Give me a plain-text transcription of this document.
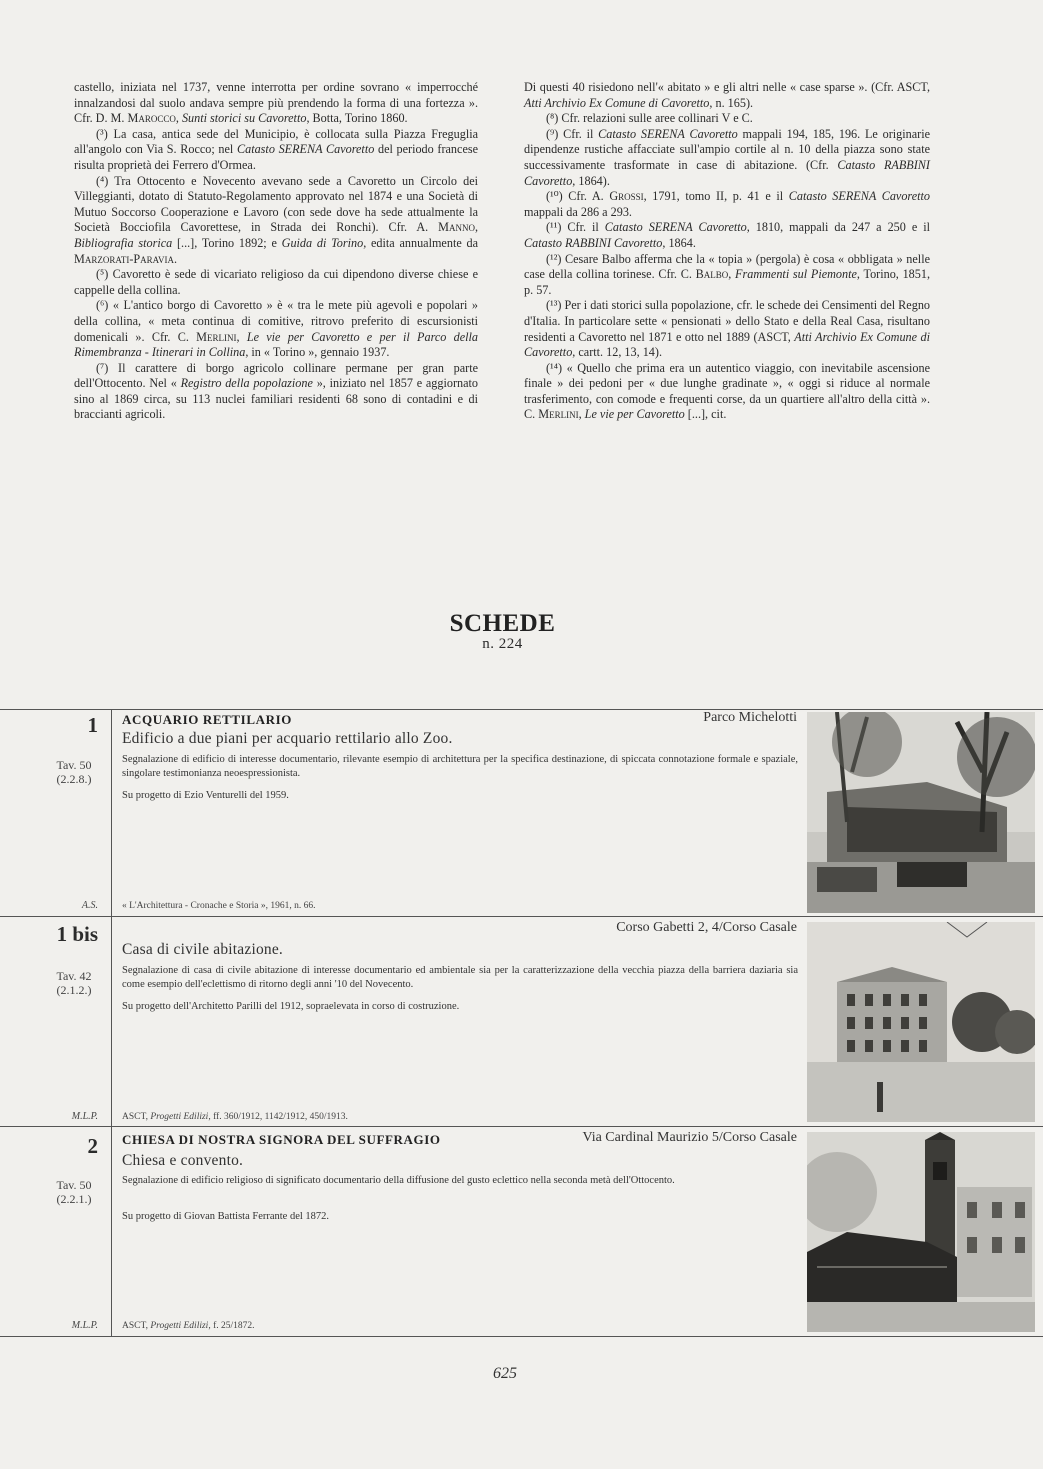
castello, iniziata nel 1737, venne interrotta per ordine sovrano « imperrocché innalzandosi dal suolo andava sempre più prendendo la forma di una fortezza ». Cfr. D. M. Marocco, Sunti storici su Cavoretto, Botta, Torino 1860.

(³) La casa, antica sede del Municipio, è collocata sulla Piazza Freguglia all'angolo con Via S. Rocco; nel Catasto SERENA Cavoretto del periodo francese risulta proprietà dei Ferrero d'Ormea.

(⁴) Tra Ottocento e Novecento avevano sede a Cavoretto un Circolo dei Villeggianti, dotato di Statuto-Regolamento approvato nel 1874 e una Società di Mutuo Soccorso Cooperazione e Lavoro (con sede dove ha sede attualmente la Società Bocciofila Cavorettese, in Strada dei Ronchi). Cfr. A. Manno, Bibliografia storica [...], Torino 1892; e Guida di Torino, edita annualmente da Marzorati-Paravia.

(⁵) Cavoretto è sede di vicariato religioso da cui dipendono diverse chiese e cappelle della collina.

(⁶) « L'antico borgo di Cavoretto » è « tra le mete più agevoli e popolari » della collina, « meta continua di comitive, ritrovo preferito di escursionisti domenicali ». Cfr. C. Merlini, Le vie per Cavoretto e per il Parco della Rimembranza - Itinerari in Collina, in « Torino », gennaio 1937.

(⁷) Il carattere di borgo agricolo collinare permane per gran parte dell'Ottocento. Nel « Registro della popolazione », iniziato nel 1857 e aggiornato sino al 1869 circa, su 113 nuclei familiari residenti 68 sono di contadini e di braccianti agricoli.

Di questi 40 risiedono nell'« abitato » e gli altri nelle « case sparse ». (Cfr. ASCT, Atti Archivio Ex Comune di Cavoretto, n. 165).

(⁸) Cfr. relazioni sulle aree collinari V e C.

(⁹) Cfr. il Catasto SERENA Cavoretto mappali 194, 185, 196. Le originarie dipendenze rustiche affacciate sull'ampio cortile al n. 10 della piazza sono state successivamente trasformate in case di abitazione. (Cfr. Catasto RABBINI Cavoretto, 1864).

(¹⁰) Cfr. A. Grossi, 1791, tomo II, p. 41 e il Catasto SERENA Cavoretto mappali da 286 a 293.

(¹¹) Cfr. il Catasto SERENA Cavoretto, 1810, mappali da 247 a 250 e il Catasto RABBINI Cavoretto, 1864.

(¹²) Cesare Balbo afferma che la « topia » (pergola) è cosa « obbligata » nelle case della collina torinese. Cfr. C. Balbo, Frammenti sul Piemonte, Torino, 1851, p. 57.

(¹³) Per i dati storici sulla popolazione, cfr. le schede dei Censimenti del Regno d'Italia. In particolare sette « pensionati » dello Stato e della Real Casa, risultano residenti a Cavoretto nel 1871 e otto nel 1889 (ASCT, Atti Archivio Ex Comune di Cavoretto, cartt. 12, 13, 14).

(¹⁴) « Quello che prima era un autentico viaggio, con inevitabile ascensione finale » dei pedoni per « due lunghe gradinate », « oggi si riduce al normale trasferimento, con comode e frequenti corse, da un quartiere all'altro della città ». C. Merlini, Le vie per Cavoretto [...], cit.

SCHEDE
n. 224
1
Tav. 50
(2.2.8.)
A.S.
ACQUARIO RETTILARIO	Parco Michelotti
Edificio a due piani per acquario rettilario allo Zoo.
Segnalazione di edificio di interesse documentario, rilevante esempio di architettura per la specifica destinazione, di spiccata connotazione formale e spaziale, singolare testimonianza neoespressionista.
Su progetto di Ezio Venturelli del 1959.
« L'Architettura - Cronache e Storia », 1961, n. 66.
1 bis
Tav. 42
(2.1.2.)
M.L.P.
Corso Gabetti 2, 4/Corso Casale
Casa di civile abitazione.
Segnalazione di casa di civile abitazione di interesse documentario ed ambientale sia per la caratterizzazione della vecchia piazza della barriera daziaria sia come esempio dell'eclettismo di ritorno degli anni '10 del Novecento.
Su progetto dell'Architetto Parilli del 1912, sopraelevata in corso di costruzione.
ASCT, Progetti Edilizi, ff. 360/1912, 1142/1912, 450/1913.
2
Tav. 50
(2.2.1.)
M.L.P.
CHIESA DI NOSTRA SIGNORA DEL SUFFRAGIO	Via Cardinal Maurizio 5/Corso Casale
Chiesa e convento.
Segnalazione di edificio religioso di significato documentario della diffusione del gusto eclettico nella seconda metà dell'Ottocento.
Su progetto di Giovan Battista Ferrante del 1872.
ASCT, Progetti Edilizi, f. 25/1872.
625
